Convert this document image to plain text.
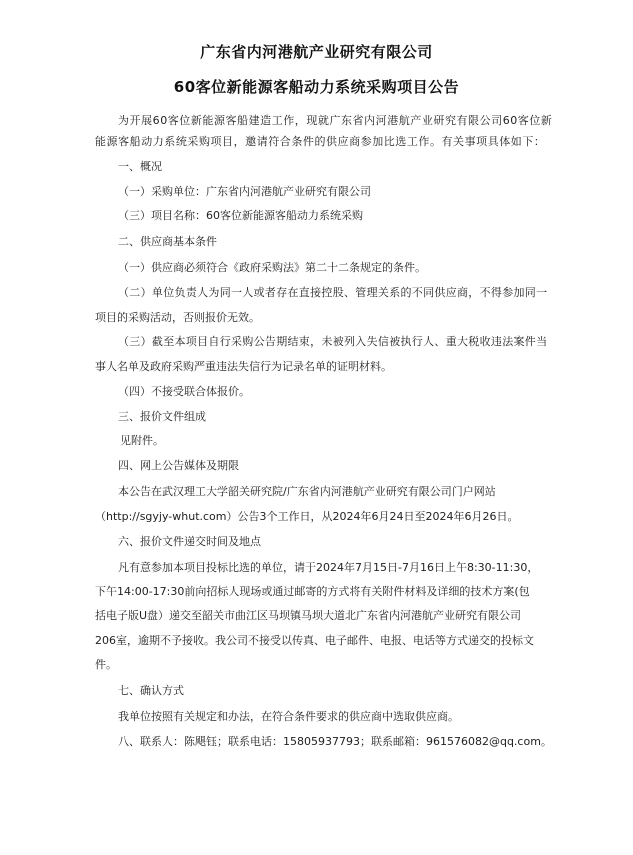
广东省内河港航产业研究有限公司
60客位新能源客船动力系统采购项目公告
为开展60客位新能源客船建造工作，现就广东省内河港航产业研究有限公司60客位新
能源客船动力系统采购项目，邀请符合条件的供应商参加比选工作。有关事项具体如下：
一、概况
（一）采购单位：广东省内河港航产业研究有限公司
（三）项目名称：60客位新能源客船动力系统采购
二、供应商基本条件
（一）供应商必须符合《政府采购法》第二十二条规定的条件。
（二）单位负责人为同一人或者存在直接控股、管理关系的不同供应商，不得参加同一
项目的采购活动，否则报价无效。
（三）截至本项目自行采购公告期结束，未被列入失信被执行人、重大税收违法案件当
事人名单及政府采购严重违法失信行为记录名单的证明材料。
（四）不接受联合体报价。
三、报价文件组成
见附件。
四、网上公告媒体及期限
本公告在武汉理工大学韶关研究院/广东省内河港航产业研究有限公司门户网站
（http://sgyjy-whut.com）公告3个工作日，从2024年6月24日至2024年6月26日。
六、报价文件递交时间及地点
凡有意参加本项目投标比选的单位，请于2024年7月15日-7月16日上午8:30-11:30，
下午14:00-17:30前向招标人现场或通过邮寄的方式将有关附件材料及详细的技术方案(包
括电子版U盘）递交至韶关市曲江区马坝镇马坝大道北广东省内河港航产业研究有限公司
206室，逾期不予接收。我公司不接受以传真、电子邮件、电报、电话等方式递交的投标文
件。
七、确认方式
我单位按照有关规定和办法，在符合条件要求的供应商中选取供应商。
八、联系人：陈飓钰；联系电话：15805937793；联系邮箱：961576082@qq.com。
